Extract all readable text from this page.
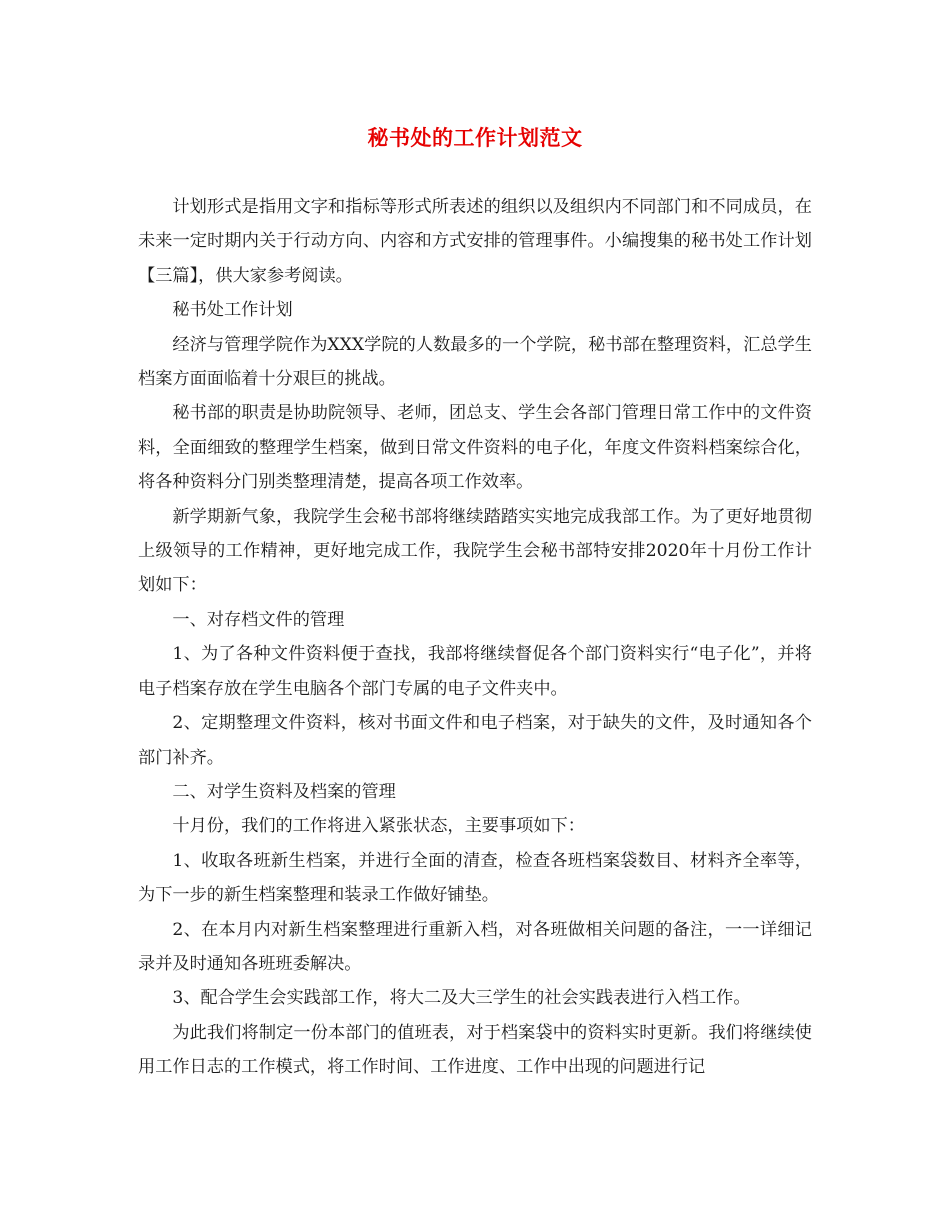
秘书处的工作计划范文

计划形式是指用文字和指标等形式所表述的组织以及组织内不同部门和不同成员，在未来一定时期内关于行动方向、内容和方式安排的管理事件。小编搜集的秘书处工作计划【三篇】，供大家参考阅读。

秘书处工作计划

经济与管理学院作为XXX学院的人数最多的一个学院，秘书部在整理资料，汇总学生档案方面面临着十分艰巨的挑战。

秘书部的职责是协助院领导、老师，团总支、学生会各部门管理日常工作中的文件资料，全面细致的整理学生档案，做到日常文件资料的电子化，年度文件资料档案综合化，将各种资料分门别类整理清楚，提高各项工作效率。

新学期新气象，我院学生会秘书部将继续踏踏实实地完成我部工作。为了更好地贯彻上级领导的工作精神，更好地完成工作，我院学生会秘书部特安排2020年十月份工作计划如下：

一、对存档文件的管理

1、为了各种文件资料便于查找，我部将继续督促各个部门资料实行“电子化”，并将电子档案存放在学生电脑各个部门专属的电子文件夹中。

2、定期整理文件资料，核对书面文件和电子档案，对于缺失的文件，及时通知各个部门补齐。

二、对学生资料及档案的管理

十月份，我们的工作将进入紧张状态，主要事项如下：

1、收取各班新生档案，并进行全面的清查，检查各班档案袋数目、材料齐全率等，为下一步的新生档案整理和装录工作做好铺垫。

2、在本月内对新生档案整理进行重新入档，对各班做相关问题的备注，一一详细记录并及时通知各班班委解决。

3、配合学生会实践部工作，将大二及大三学生的社会实践表进行入档工作。

为此我们将制定一份本部门的值班表，对于档案袋中的资料实时更新。我们将继续使用工作日志的工作模式，将工作时间、工作进度、工作中出现的问题进行记
